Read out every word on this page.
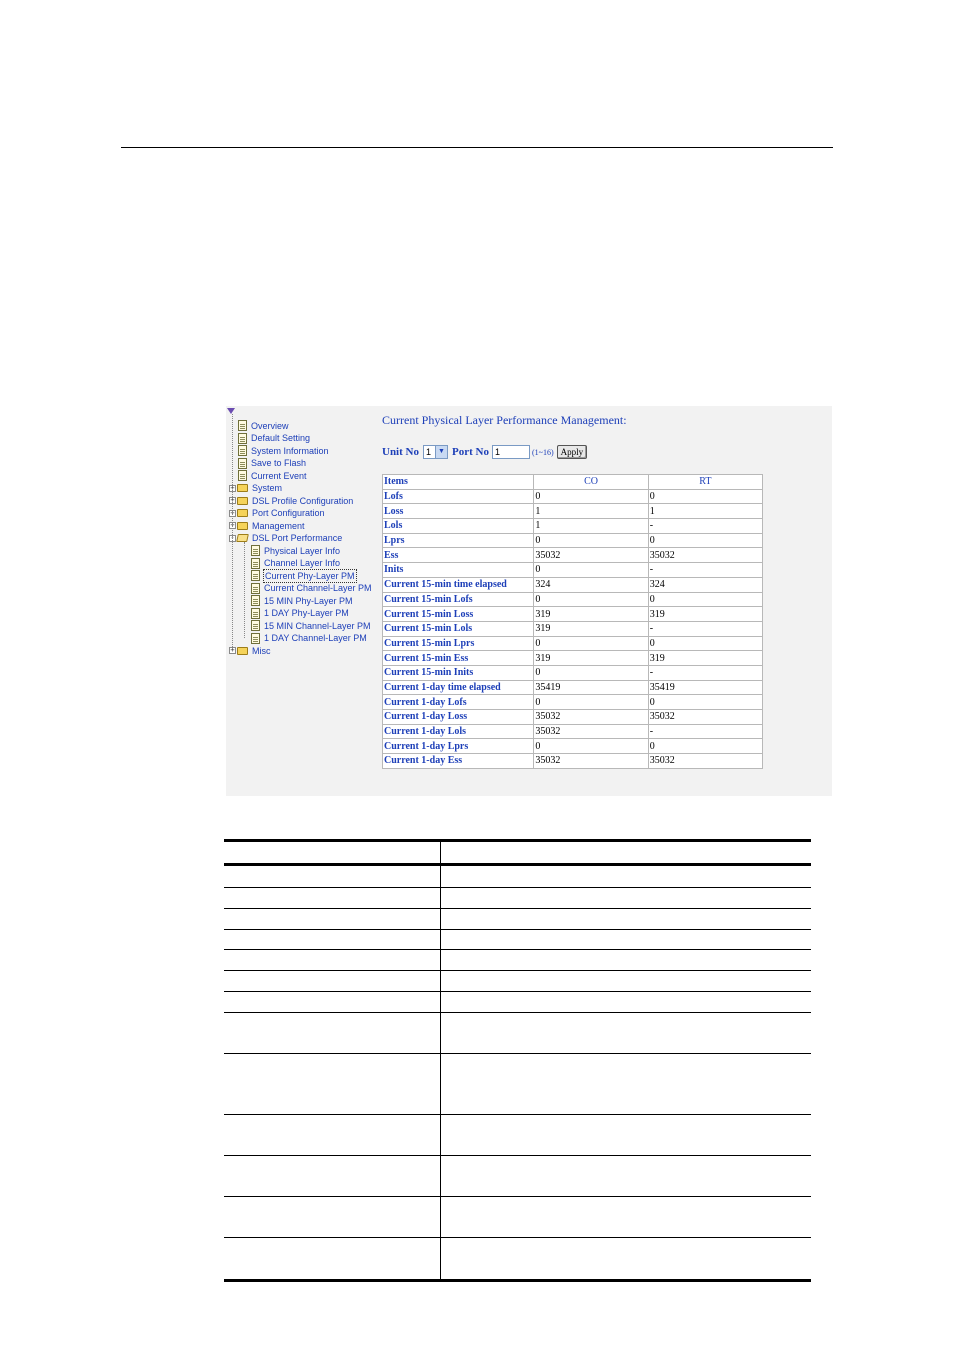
Overview
Default Setting
System Information
Save to Flash
Current Event
+ System
+ DSL Profile Configuration
+ Port Configuration
+ Management
- DSL Port Performance
Physical Layer Info
Channel Layer Info
Current Phy-Layer PM
Current Channel-Layer PM
15 MIN Phy-Layer PM
1 DAY Phy-Layer PM
15 MIN Channel-Layer PM
1 DAY Channel-Layer PM
+ Misc
Current Physical Layer Performance Management:
Unit No 1	▼ Port No 1	(1~16) Apply
Items	CO	RT
Lofs	0	0
Loss	1	1
Lols	1	-
Lprs	0	0
Ess	35032	35032
Inits	0	-
Current 15-min time elapsed	324	324
Current 15-min Lofs	0	0
Current 15-min Loss	319	319
Current 15-min Lols	319	-
Current 15-min Lprs	0	0
Current 15-min Ess	319	319
Current 15-min Inits	0	-
Current 1-day time elapsed	35419	35419
Current 1-day Lofs	0	0
Current 1-day Loss	35032	35032
Current 1-day Lols	35032	-
Current 1-day Lprs	0	0
Current 1-day Ess	35032	35032
